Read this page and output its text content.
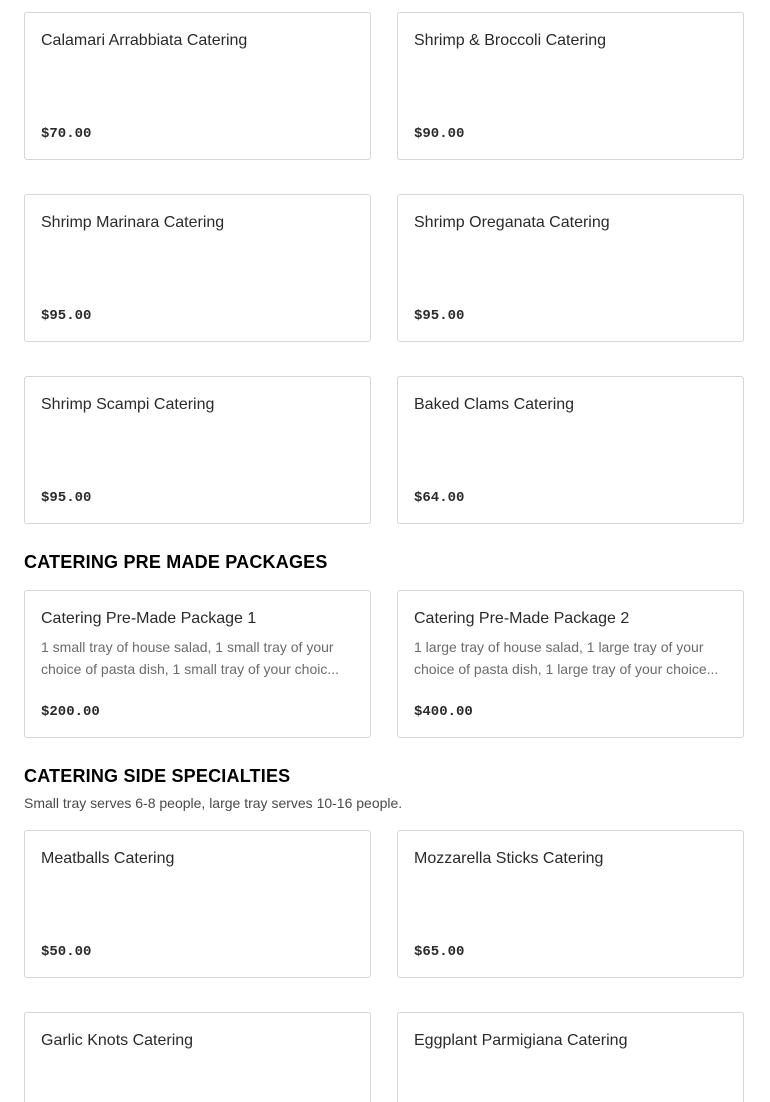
Calamari Arrabbiata Catering
$70.00
Shrimp & Broccoli Catering
$90.00
Shrimp Marinara Catering
$95.00
Shrimp Oreganata Catering
$95.00
Shrimp Scampi Catering
$95.00
Baked Clams Catering
$64.00
CATERING PRE MADE PACKAGES
Catering Pre-Made Package 1
1 small tray of house salad, 1 small tray of your choice of pasta dish, 1 small tray of your choic...
$200.00
Catering Pre-Made Package 2
1 large tray of house salad, 1 large tray of your choice of pasta dish, 1 large tray of your choice...
$400.00
CATERING SIDE SPECIALTIES

Small tray serves 6-8 people, large tray serves 10-16 people.

Meatballs Catering
$50.00
Mozzarella Sticks Catering
$65.00
Garlic Knots Catering	Eggplant Parmigiana Catering
